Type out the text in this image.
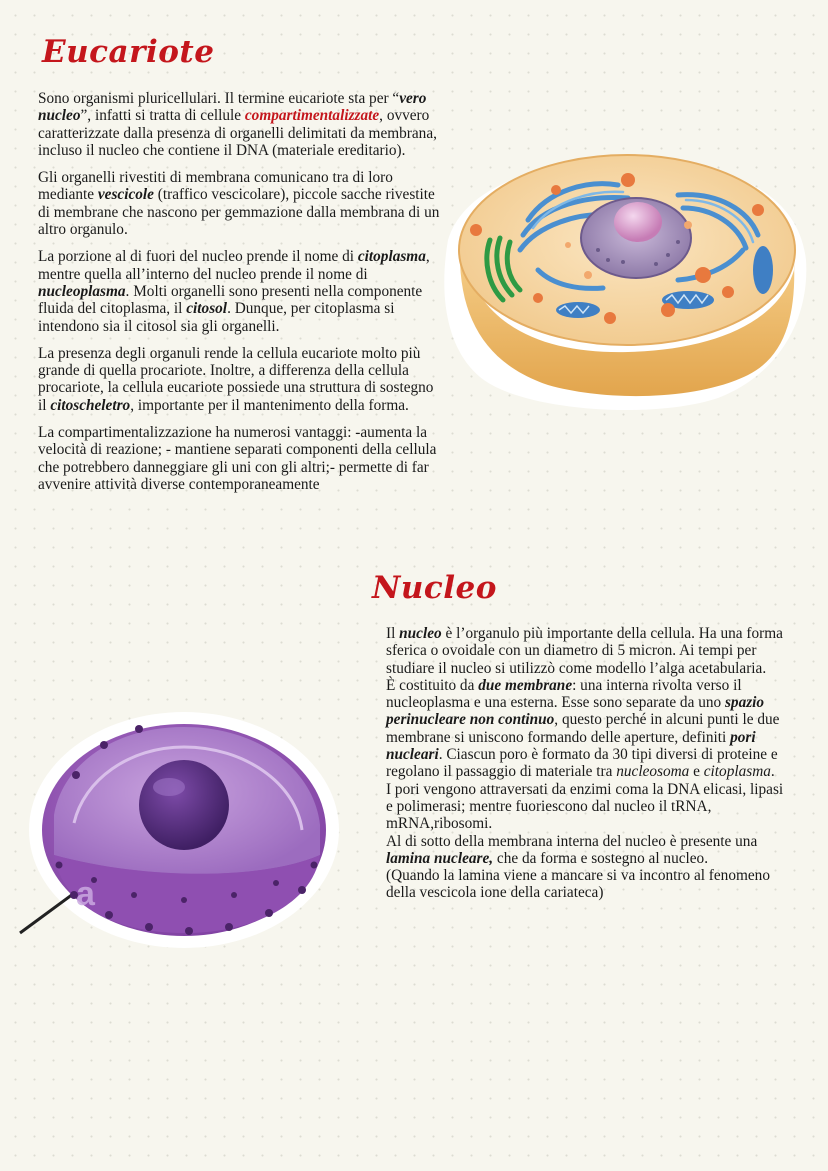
Eucariote

Sono organismi pluricellulari. Il termine eucariote sta per “vero nucleo”, infatti si tratta di cellule compartimentalizzate, ovvero caratterizzate dalla presenza di organelli delimitati da membrana, incluso il nucleo che contiene il DNA (materiale ereditario).

Gli organelli rivestiti di membrana comunicano tra di loro mediante vescicole (traffico vescicolare), piccole sacche rivestite di membrane che nascono per gemmazione dalla membrana di un altro organulo.

La porzione al di fuori del nucleo prende il nome di citoplasma, mentre quella all’interno del nucleo prende il nome di nucleoplasma. Molti organelli sono presenti nella componente fluida del citoplasma, il citosol. Dunque, per citoplasma si intendono sia il citosol sia gli organelli.

La presenza degli organuli rende la cellula eucariote molto più grande di quella procariote. Inoltre, a differenza della cellula procariote, la cellula eucariote possiede una struttura di sostegno il citoscheletro, importante per il mantenimento della forma.

La compartimentalizzazione ha numerosi vantaggi: -aumenta la velocità di reazione; - mantiene separati componenti della cellula che potrebbero danneggiare gli uni con gli altri;- permette di far avvenire attività diverse contemporaneamente

Nucleo

Il nucleo è l’organulo più importante della cellula. Ha una forma sferica o ovoidale con un diametro di 5 micron. Ai tempi per studiare il nucleo si utilizzò come modello l’alga acetabularia.

È costituito da due membrane: una interna rivolta verso il nucleoplasma e una esterna. Esse sono separate da uno spazio perinucleare non continuo, questo perché in alcuni punti le due membrane si uniscono formando delle aperture, definiti pori nucleari. Ciascun poro è formato da 30 tipi diversi di proteine e regolano il passaggio di materiale tra nucleosoma e citoplasma.

I pori vengono attraversati da enzimi coma la DNA elicasi, lipasi e polimerasi; mentre fuoriescono dal nucleo il tRNA, mRNA,ribosomi.

Al di sotto della membrana interna del nucleo è presente una lamina nucleare, che da forma e sostegno al nucleo.

(Quando la lamina viene a mancare si va incontro al fenomeno della vescicola ione della cariateca)

a
